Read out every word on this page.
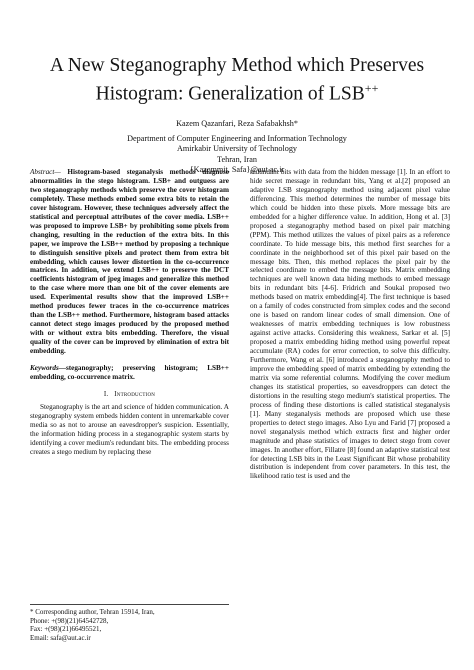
A New Steganography Method which Preserves
Histogram: Generalization of LSB++
Kazem Qazanfari, Reza Safabakhsh*
Department of Computer Engineering and Information Technology
Amirkabir University of Technology
Tehran, Iran
{Kazemmit, Safa}@aut.ac.ir

Abstract— Histogram-based steganalysis methods diagnose abnormalities in the stego histogram. LSB+ and outguess are two steganography methods which preserve the cover histogram completely. These methods embed some extra bits to retain the cover histogram. However, these techniques adversely affect the statistical and perceptual attributes of the cover media. LSB++ was proposed to improve LSB+ by prohibiting some pixels from changing, resulting in the reduction of the extra bits. In this paper, we improve the LSB++ method by proposing a technique to distinguish sensitive pixels and protect them from extra bit embedding, which causes lower distortion in the co-occurrence matrices. In addition, we extend LSB++ to preserve the DCT coefficients histogram of jpeg images and generalize this method to the case where more than one bit of the cover elements are used. Experimental results show that the improved LSB++ method produces fewer traces in the co-occurrence matrices than the LSB++ method. Furthermore, histogram based attacks cannot detect stego images produced by the proposed method with or without extra bits embedding. Therefore, the visual quality of the cover can be improved by elimination of extra bit embedding.

Keywords—steganography; preserving histogram; LSB++ embedding, co-occurrence matrix.

I. Introduction

Steganography is the art and science of hidden communication. A steganography system embeds hidden content in unremarkable cover media so as not to arouse an eavesdropper's suspicion. Essentially, the information hiding process in a steganographic system starts by identifying a cover medium's redundant bits. The embedding process creates a stego medium by replacing these

redundant bits with data from the hidden message [1]. In an effort to hide secret message in redundant bits, Yang et al.[2] proposed an adaptive LSB steganography method using adjacent pixel value differencing. This method determines the number of message bits which could be hidden into these pixels. More message bits are embedded for a higher difference value. In addition, Hong et al. [3] proposed a steganography method based on pixel pair matching (PPM). This method utilizes the values of pixel pairs as a reference coordinate. To hide message bits, this method first searches for a coordinate in the neighborhood set of this pixel pair based on the message bits. Then, this method replaces the pixel pair by the selected coordinate to embed the message bits. Matrix embedding techniques are well known data hiding methods to embed message bits in redundant bits [4-6]. Fridrich and Soukal proposed two methods based on matrix embedding[4]. The first technique is based on a family of codes constructed from simplex codes and the second one is based on random linear codes of small dimension. One of weaknesses of matrix embedding techniques is low robustness against active attacks. Considering this weakness, Sarkar et al. [5] proposed a matrix embedding hiding method using powerful repeat accumulate (RA) codes for error correction, to solve this difficulty. Furthermore, Wang et al. [6] introduced a steganography method to improve the embedding speed of matrix embedding by extending the matrix via some referential columns. Modifying the cover medium changes its statistical properties, so eavesdroppers can detect the distortions in the resulting stego medium's statistical properties. The process of finding these distortions is called statistical steganalysis [1]. Many steganalysis methods are proposed which use these properties to detect stego images. Also Lyu and Farid [7] proposed a novel steganalysis method which extracts first and higher order magnitude and phase statistics of images to detect stego from cover images. In another effort, Fillatre [8] found an adaptive statistical test for detecting LSB bits in the Least Significant Bit whose probability distribution is independent from cover parameters. In this test, the likelihood ratio test is used and the

* Corresponding author, Tehran 15914, Iran,
Phone: +(98)(21)64542728,
Fax: +(98)(21)66495521,
Email: safa@aut.ac.ir
